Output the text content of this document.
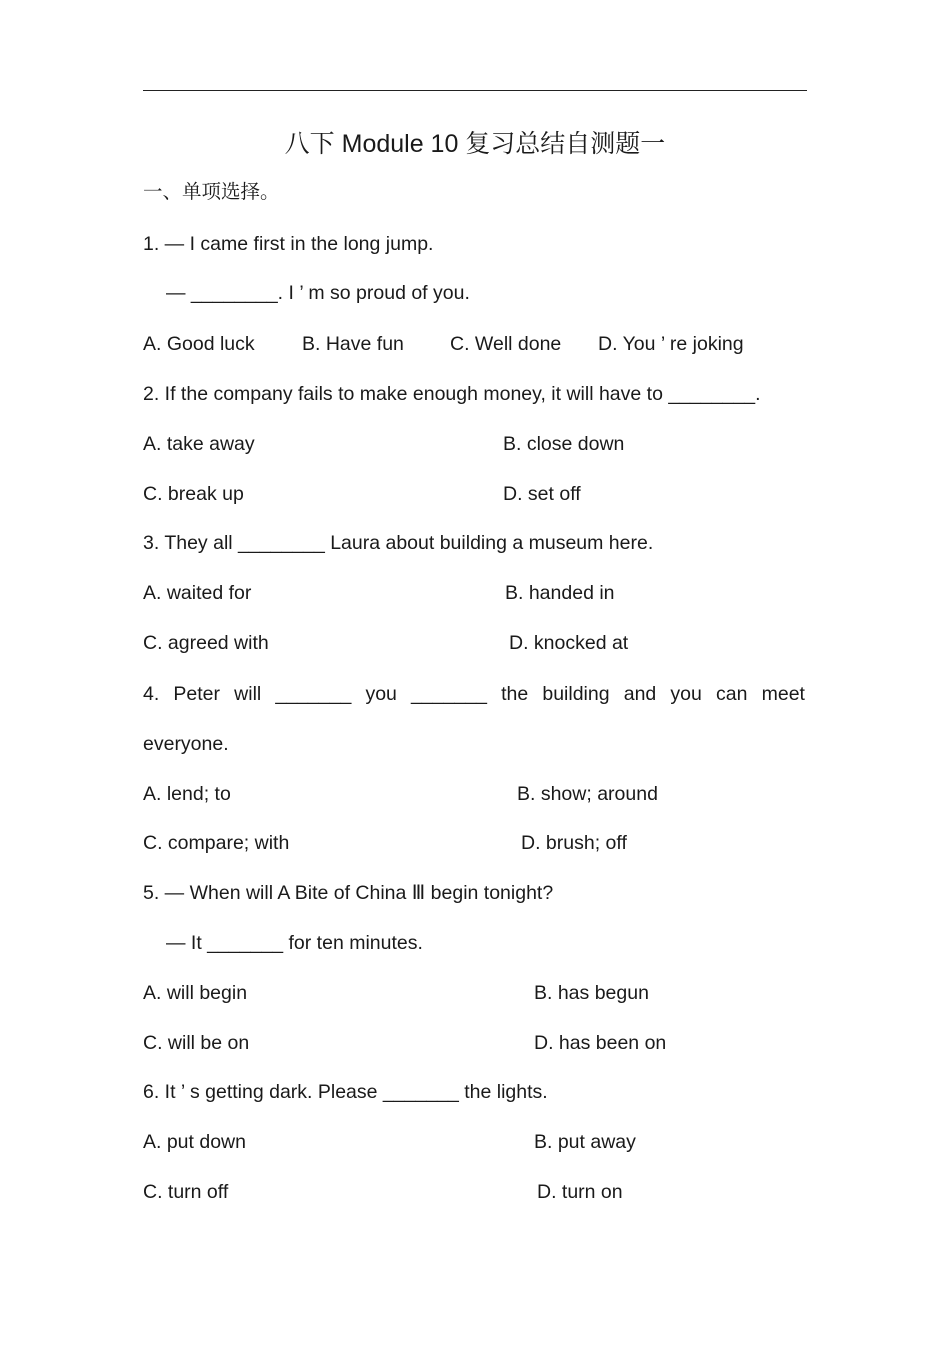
八下 Module 10 复习总结自测题一
一、单项选择。
1. — I came first in the long jump.
— ________. I ’ m so proud of you.
A. Good luck B. Have fun C. Well done D. You ’ re joking
2. If the company fails to make enough money, it will have to ________.
A. take away	B. close down
C. break up	D. set off
3. They all ________ Laura about building a museum here.
A. waited for	B. handed in
C. agreed with	D. knocked at
4. Peter will _______ you _______ the building and you can meet
everyone.
A. lend; to	B. show; around
C. compare; with	D. brush; off
5. — When will A Bite of China Ⅲ begin tonight?
— It _______ for ten minutes.
A. will begin	B. has begun
C. will be on	D. has been on
6. It ’ s getting dark. Please _______ the lights.
A. put down	B. put away
C. turn off	D. turn on
